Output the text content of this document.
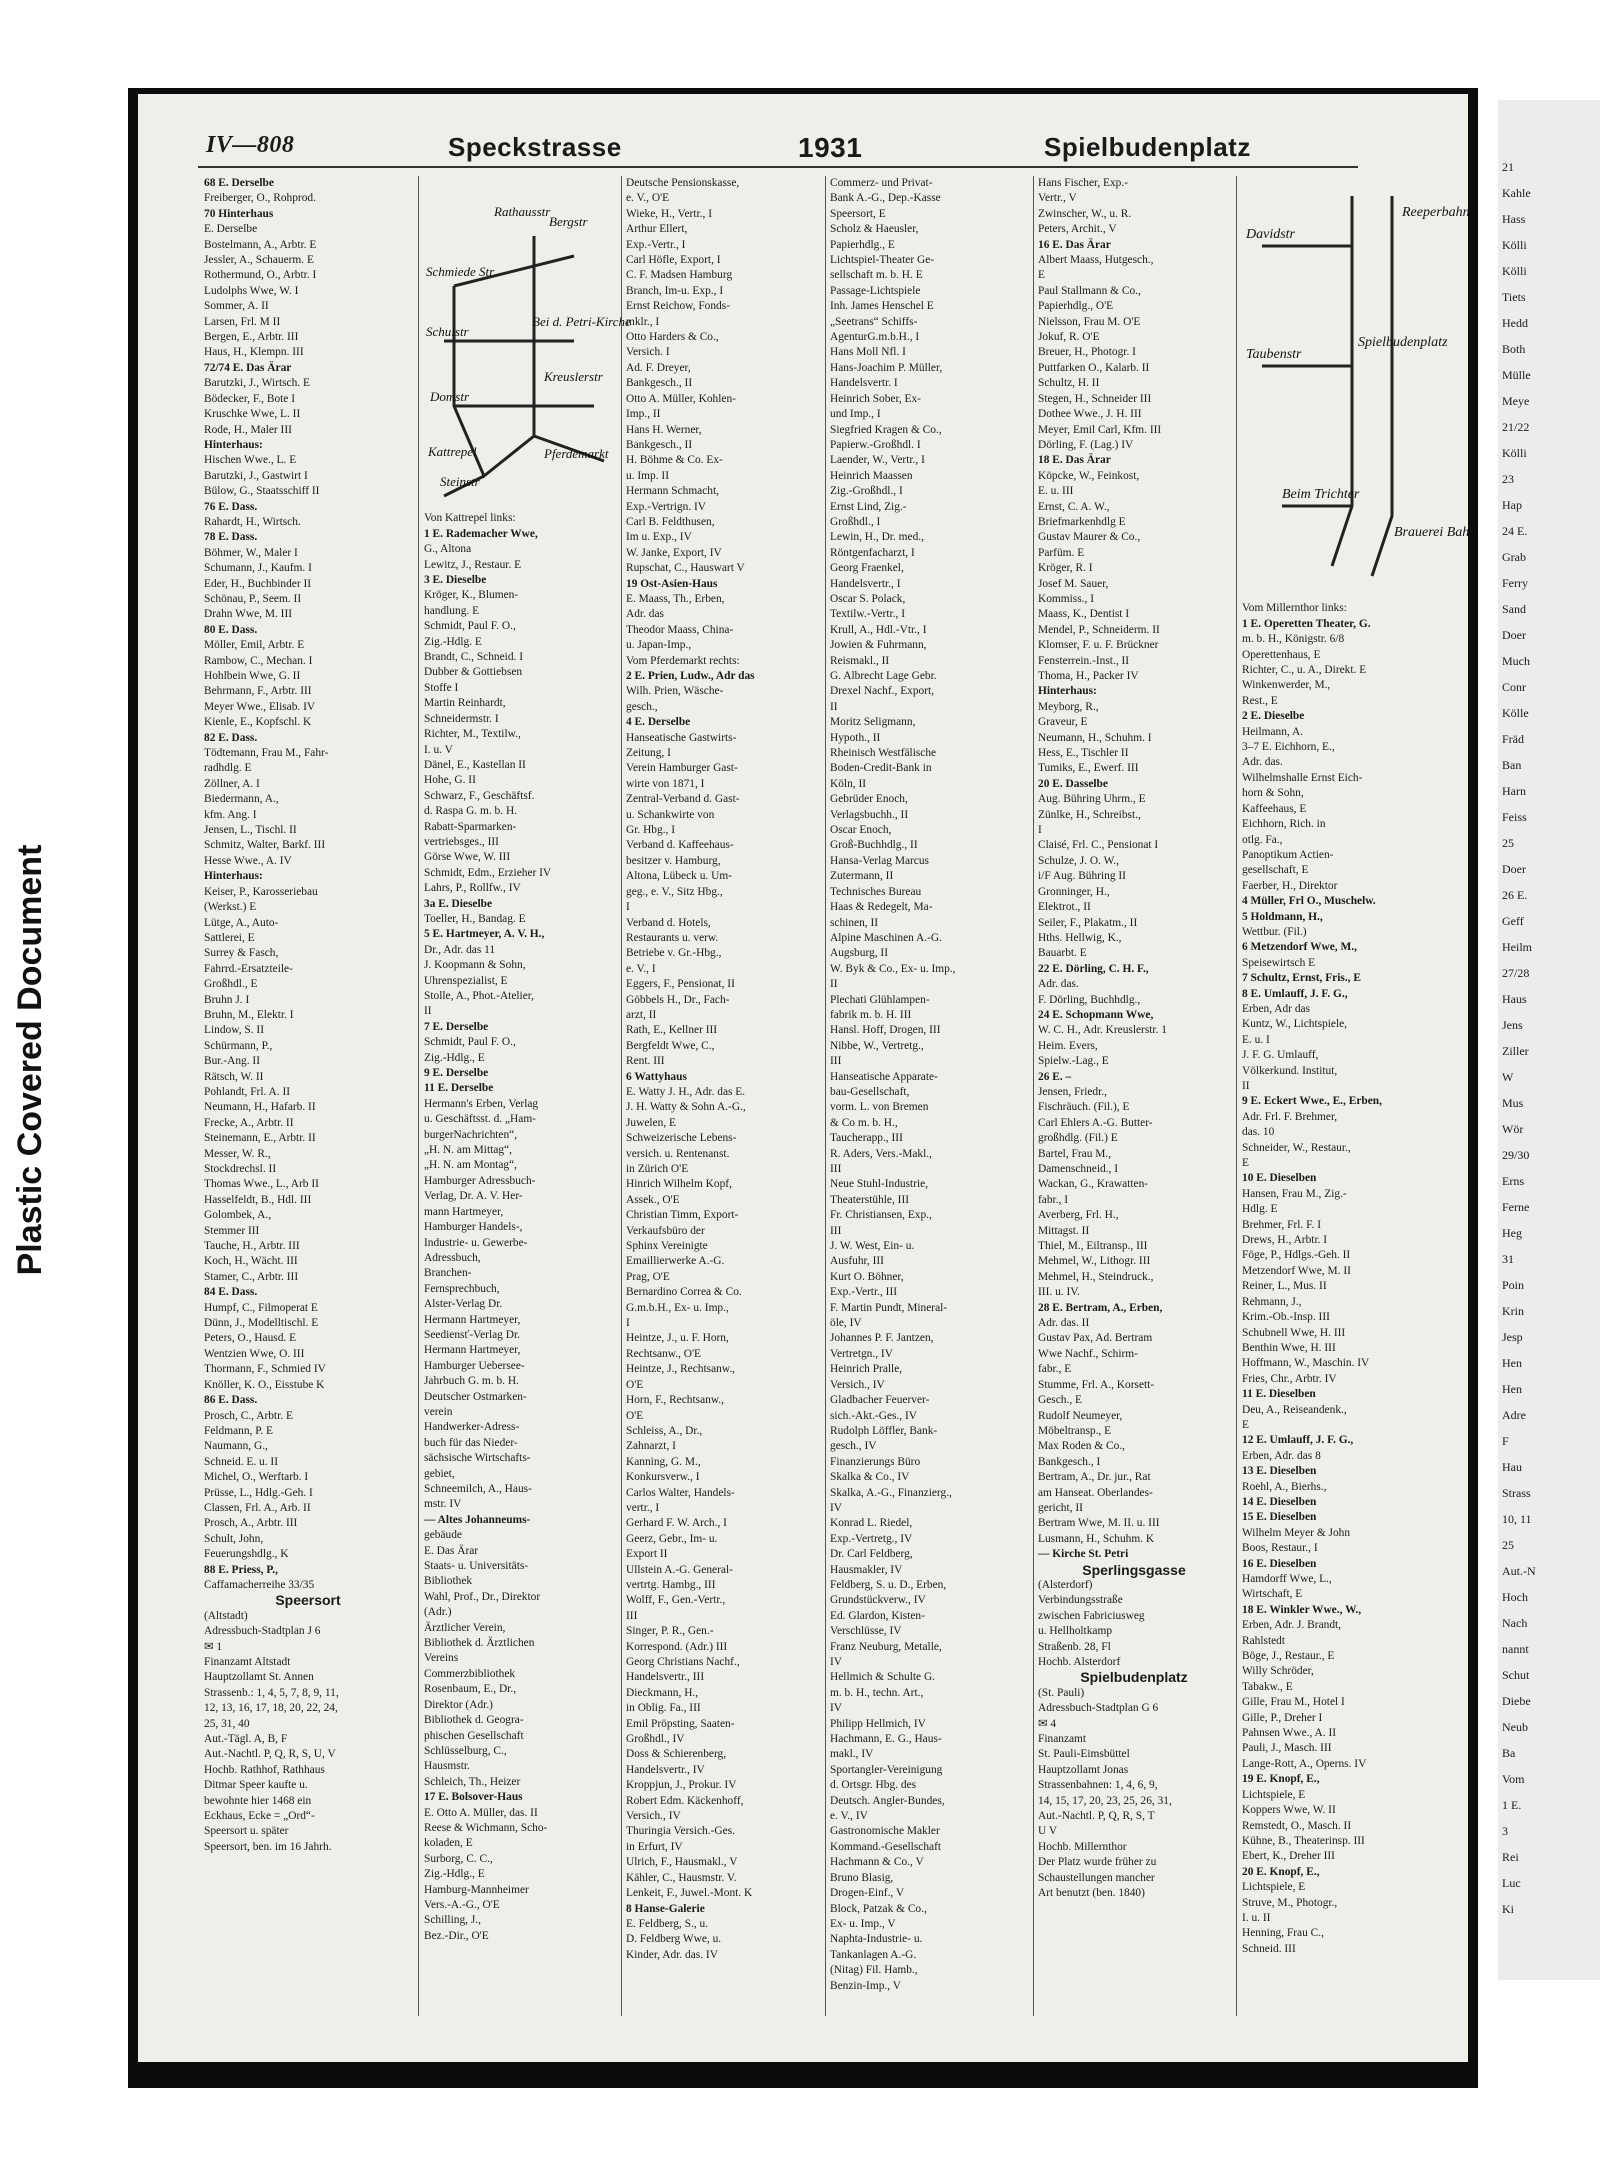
Plastic Covered Document
IV—808	Speckstrasse	1931	Spielbudenplatz
68 E. Derselbe
Freiberger, O., Rohprod.
70 Hinterhaus
E. Derselbe
Bostelmann, A., Arbtr. E
Jessler, A., Schauerm. E
Rothermund, O., Arbtr. I
Ludolphs Wwe, W. I
Sommer, A. II
Larsen, Frl. M II
Bergen, E., Arbtr. III
Haus, H., Klempn. III
72/74 E. Das Ärar
Barutzki, J., Wirtsch. E
Bödecker, F., Bote I
Kruschke Wwe, L. II
Rode, H., Maler III
Hinterhaus:
Hischen Wwe., L. E
Barutzki, J., Gastwirt I
Bülow, G., Staatsschiff II
76 E. Dass.
Rahardt, H., Wirtsch.
78 E. Dass.
Böhmer, W., Maler I
Schumann, J., Kaufm. I
Eder, H., Buchbinder II
Schönau, P., Seem. II
Drahn Wwe, M. III
80 E. Dass.
Möller, Emil, Arbtr. E
Rambow, C., Mechan. I
Hohlbein Wwe, G. II
Behrmann, F., Arbtr. III
Meyer Wwe., Elisab. IV
Kienle, E., Kopfschl. K
82 E. Dass.
Tödtemann, Frau M., Fahr-
radhdlg. E
Zöllner, A. I
Biedermann, A.,
kfm. Ang. I
Jensen, L., Tischl. II
Schmitz, Walter, Barkf. III
Hesse Wwe., A. IV
Hinterhaus:
Keiser, P., Karosseriebau
(Werkst.) E
Lütge, A., Auto-
Sattlerei, E
Surrey & Fasch,
Fahrrd.-Ersatzteile-
Großhdl., E
Bruhn J. I
Bruhn, M., Elektr. I
Lindow, S. II
Schürmann, P.,
Bur.-Ang. II
Rätsch, W. II
Pohlandt, Frl. A. II
Neumann, H., Hafarb. II
Frecke, A., Arbtr. II
Steinemann, E., Arbtr. II
Messer, W. R.,
Stockdrechsl. II
Thomas Wwe., L., Arb II
Hasselfeldt, B., Hdl. III
Golombek, A.,
Stemmer III
Tauche, H., Arbtr. III
Koch, H., Wächt. III
Stamer, C., Arbtr. III
84 E. Dass.
Humpf, C., Filmoperat E
Dünn, J., Modelltischl. E
Peters, O., Hausd. E
Wentzien Wwe, O. III
Thormann, F., Schmied IV
Knöller, K. O., Eisstube K
86 E. Dass.
Prosch, C., Arbtr. E
Feldmann, P. E
Naumann, G.,
Schneid. E. u. II
Michel, O., Werftarb. I
Prüsse, L., Hdlg.-Geh. I
Classen, Frl. A., Arb. II
Prosch, A., Arbtr. III
Schult, John,
Feuerungshdlg., K
88 E. Priess, P.,
Caffamacherreihe 33/35
Speersort
(Altstadt)
Adressbuch-Stadtplan J 6
✉ 1
Finanzamt Altstadt
Hauptzollamt St. Annen
Strassenb.: 1, 4, 5, 7, 8, 9, 11,
12, 13, 16, 17, 18, 20, 22, 24,
25, 31, 40
Aut.-Tägl. A, B, F
Aut.-Nachtl. P, Q, R, S, U, V
Hochb. Rathhof, Rathhaus
Ditmar Speer kaufte u.
bewohnte hier 1468 ein
Eckhaus, Ecke = „Ord“-
Speersort u. später
Speersort, ben. im 16 Jahrh.
Bergstr
Schmiede Str
Schulstr
Bei d. Petri-Kirche
Domstr
Kreuslerstr
Kattrepel
Steinstr
Pferdemarkt
Rathausstr
Von Kattrepel links:
1 E. Rademacher Wwe,
G., Altona
Lewitz, J., Restaur. E
3 E. Dieselbe
Kröger, K., Blumen-
handlung. E
Schmidt, Paul F. O.,
Zig.-Hdlg. E
Brandt, C., Schneid. I
Dubber & Gottiebsen
Stoffe I
Martin Reinhardt,
Schneidermstr. I
Richter, M., Textilw.,
I. u. V
Dänel, E., Kastellan II
Hohe, G. II
Schwarz, F., Geschäftsf.
d. Raspa G. m. b. H.
Rabatt-Sparmarken-
vertriebsges., III
Görse Wwe, W. III
Schmidt, Edm., Erzieher IV
Lahrs, P., Rollfw., IV
3a E. Dieselbe
Toeller, H., Bandag. E
5 E. Hartmeyer, A. V. H.,
Dr., Adr. das 11
J. Koopmann & Sohn,
Uhrenspezialist, E
Stolle, A., Phot.-Atelier,
II
7 E. Derselbe
Schmidt, Paul F. O.,
Zig.-Hdlg., E
9 E. Derselbe
11 E. Derselbe
Hermann's Erben, Verlag
u. Geschäftsst. d. „Ham-
burgerNachrichten“,
„H. N. am Mittag“,
„H. N. am Montag“,
Hamburger Adressbuch-
Verlag, Dr. A. V. Her-
mann Hartmeyer,
Hamburger Handels-,
Industrie- u. Gewerbe-
Adressbuch,
Branchen-
Fernsprechbuch,
Alster-Verlag Dr.
Hermann Hartmeyer,
Seediensť-Verlag Dr.
Hermann Hartmeyer,
Hamburger Uebersee-
Jahrbuch G. m. b. H.
Deutscher Ostmarken-
verein
Handwerker-Adress-
buch für das Nieder-
sächsische Wirtschafts-
gebiet,
Schneemilch, A., Haus-
mstr. IV
— Altes Johanneums-
gebäude
E. Das Ärar
Staats- u. Universitäts-
Bibliothek
Wahl, Prof., Dr., Direktor
(Adr.)
Ärztlicher Verein,
Bibliothek d. Ärztlichen
Vereins
Commerzbibliothek
Rosenbaum, E., Dr.,
Direktor (Adr.)
Bibliothek d. Geogra-
phischen Gesellschaft
Schlüsselburg, C.,
Hausmstr.
Schleich, Th., Heizer
17 E. Bolsover-Haus
E. Otto A. Müller, das. II
Reese & Wichmann, Scho-
koladen, E
Surborg, C. C.,
Zig.-Hdlg., E
Hamburg-Mannheimer
Vers.-A.-G., O'E
Schilling, J.,
Bez.-Dir., O'E
Deutsche Pensionskasse,
e. V., O'E
Wieke, H., Vertr., I
Arthur Ellert,
Exp.-Vertr., I
Carl Höfle, Export, I
C. F. Madsen Hamburg
Branch, Im-u. Exp., I
Ernst Reichow, Fonds-
mklr., I
Otto Harders & Co.,
Versich. I
Ad. F. Dreyer,
Bankgesch., II
Otto A. Müller, Kohlen-
Imp., II
Hans H. Werner,
Bankgesch., II
H. Böhme & Co. Ex-
u. Imp. II
Hermann Schmacht,
Exp.-Vertrign. IV
Carl B. Feldthusen,
Im u. Exp., IV
W. Janke, Export, IV
Rupschat, C., Hauswart V
19 Ost-Asien-Haus
E. Maass, Th., Erben,
Adr. das
Theodor Maass, China-
u. Japan-Imp.,
Vom Pferdemarkt rechts:
2 E. Prien, Ludw., Adr das
Wilh. Prien, Wäsche-
gesch.,
4 E. Derselbe
Hanseatische Gastwirts-
Zeitung, I
Verein Hamburger Gast-
wirte von 1871, I
Zentral-Verband d. Gast-
u. Schankwirte von
Gr. Hbg., I
Verband d. Kaffeehaus-
besitzer v. Hamburg,
Altona, Lübeck u. Um-
geg., e. V., Sitz Hbg.,
I
Verband d. Hotels,
Restaurants u. verw.
Betriebe v. Gr.-Hbg.,
e. V., I
Eggers, F., Pensionat, II
Göbbels H., Dr., Fach-
arzt, II
Rath, E., Kellner III
Bergfeldt Wwe, C.,
Rent. III
6 Wattyhaus
E. Watty J. H., Adr. das E.
J. H. Watty & Sohn A.-G.,
Juwelen, E
Schweizerische Lebens-
versich. u. Rentenanst.
in Zürich O'E
Hinrich Wilhelm Kopf,
Assek., O'E
Christian Timm, Export-
Verkaufsbüro der
Sphinx Vereinigte
Emaillierwerke A.-G.
Prag, O'E
Bernardino Correa & Co.
G.m.b.H., Ex- u. Imp.,
I
Heintze, J., u. F. Horn,
Rechtsanw., O'E
Heintze, J., Rechtsanw.,
O'E
Horn, F., Rechtsanw.,
O'E
Schleiss, A., Dr.,
Zahnarzt, I
Kanning, G. M.,
Konkursverw., I
Carlos Walter, Handels-
vertr., I
Gerhard F. W. Arch., I
Geerz, Gebr., Im- u.
Export II
Ullstein A.-G. General-
vertrtg. Hambg., III
Wolff, F., Gen.-Vertr.,
III
Singer, P. R., Gen.-
Korrespond. (Adr.) III
Georg Christians Nachf.,
Handelsvertr., III
Dieckmann, H.,
in Oblig. Fa., III
Emil Pröpsting, Saaten-
Großhdl., IV
Doss & Schierenberg,
Handelsvertr., IV
Kroppjun, J., Prokur. IV
Robert Edm. Käckenhoff,
Versich., IV
Thuringia Versich.-Ges.
in Erfurt, IV
Ulrich, F., Hausmakl., V
Kähler, C., Hausmstr. V.
Lenkeit, F., Juwel.-Mont. K
8 Hanse-Galerie
E. Feldberg, S., u.
D. Feldberg Wwe, u.
Kinder, Adr. das. IV
Commerz- und Privat-
Bank A.-G., Dep.-Kasse
Speersort, E
Scholz & Haeusler,
Papierhdlg., E
Lichtspiel-Theater Ge-
sellschaft m. b. H. E
Passage-Lichtspiele
Inh. James Henschel E
„Seetrans“ Schiffs-
AgenturG.m.b.H., I
Hans Moll Nfl. I
Hans-Joachim P. Müller,
Handelsvertr. I
Heinrich Sober, Ex-
und Imp., I
Siegfried Kragen & Co.,
Papierw.-Großhdl. I
Laender, W., Vertr., I
Heinrich Maassen
Zig.-Großhdl., I
Ernst Lind, Zig.-
Großhdl., I
Lewin, H., Dr. med.,
Röntgenfacharzt, I
Georg Fraenkel,
Handelsvertr., I
Oscar S. Polack,
Textilw.-Vertr., I
Krull, A., Hdl.-Vtr., I
Jowien & Fuhrmann,
Reismakl., II
G. Albrecht Lage Gebr.
Drexel Nachf., Export,
II
Moritz Seligmann,
Hypoth., II
Rheinisch Westfälische
Boden-Credit-Bank in
Köln, II
Gebrüder Enoch,
Verlagsbuchh., II
Oscar Enoch,
Groß-Buchhdlg., II
Hansa-Verlag Marcus
Zutermann, II
Technisches Bureau
Haas & Redegelt, Ma-
schinen, II
Alpine Maschinen A.-G.
Augsburg, II
W. Byk & Co., Ex- u. Imp.,
II
Plechati Glühlampen-
fabrik m. b. H. III
Hansl. Hoff, Drogen, III
Nibbe, W., Vertretg.,
III
Hanseatische Apparate-
bau-Gesellschaft,
vorm. L. von Bremen
& Co m. b. H.,
Taucherapp., III
R. Aders, Vers.-Makl.,
III
Neue Stuhl-Industrie,
Theaterstühle, III
Fr. Christiansen, Exp.,
III
J. W. West, Ein- u.
Ausfuhr, III
Kurt O. Böhner,
Exp.-Vertr., III
F. Martin Pundt, Mineral-
öle, IV
Johannes P. F. Jantzen,
Vertretgn., IV
Heinrich Pralle,
Versich., IV
Gladbacher Feuerver-
sich.-Akt.-Ges., IV
Rudolph Löffler, Bank-
gesch., IV
Finanzierungs Büro
Skalka & Co., IV
Skalka, A.-G., Finanzierg.,
IV
Konrad L. Riedel,
Exp.-Vertretg., IV
Dr. Carl Feldberg,
Hausmakler, IV
Feldberg, S. u. D., Erben,
Grundstückverw., IV
Ed. Glardon, Kisten-
Verschlüsse, IV
Franz Neuburg, Metalle,
IV
Hellmich & Schulte G.
m. b. H., techn. Art.,
IV
Philipp Hellmich, IV
Hachmann, E. G., Haus-
makl., IV
Sportangler-Vereinigung
d. Ortsgr. Hbg. des
Deutsch. Angler-Bundes,
e. V., IV
Gastronomische Makler
Kommand.-Gesellschaft
Hachmann & Co., V
Bruno Blasig,
Drogen-Einf., V
Block, Patzak & Co.,
Ex- u. Imp., V
Naphta-Industrie- u.
Tankanlagen A.-G.
(Nitag) Fil. Hamb.,
Benzin-Imp., V
Hans Fischer, Exp.-
Vertr., V
Zwinscher, W., u. R.
Peters, Archit., V
16 E. Das Ärar
Albert Maass, Hutgesch.,
E
Paul Stallmann & Co.,
Papierhdlg., O'E
Nielsson, Frau M. O'E
Jokuf, R. O'E
Breuer, H., Photogr. I
Puttfarken O., Kalarb. II
Schultz, H. II
Stegen, H., Schneider III
Dothee Wwe., J. H. III
Meyer, Emil Carl, Kfm. III
Dörling, F. (Lag.) IV
18 E. Das Ärar
Köpcke, W., Feinkost,
E. u. III
Ernst, C. A. W.,
Briefmarkenhdlg E
Gustav Maurer & Co.,
Parfüm. E
Kröger, R. I
Josef M. Sauer,
Kommiss., I
Maass, K., Dentist I
Mendel, P., Schneiderm. II
Klomser, F. u. F. Brückner
Fensterrein.-Inst., II
Thoma, H., Packer IV
Hinterhaus:
Meyborg, R.,
Graveur, E
Neumann, H., Schuhm. I
Hess, E., Tischler II
Tumiks, E., Ewerf. III
20 E. Dasselbe
Aug. Bühring Uhrm., E
Zünlke, H., Schreibst.,
I
Claisé, Frl. C., Pensionat I
Schulze, J. O. W.,
i/F Aug. Bühring II
Gronninger, H.,
Elektrot., II
Seiler, F., Plakatm., II
Hths. Hellwig, K.,
Bauarbt. E
22 E. Dörling, C. H. F.,
Adr. das.
F. Dörling, Buchhdlg.,
24 E. Schopmann Wwe,
W. C. H., Adr. Kreuslerstr. 1
Heim. Evers,
Spielw.-Lag., E
26 E. –
Jensen, Friedr.,
Fischräuch. (Fil.), E
Carl Ehlers A.-G. Butter-
großhdlg. (Fil.) E
Bartel, Frau M.,
Damenschneid., I
Wackan, G., Krawatten-
fabr., I
Averberg, Frl. H.,
Mittagst. II
Thiel, M., Eiltransp., III
Mehmel, W., Lithogr. III
Mehmel, H., Steindruck.,
III. u. IV.
28 E. Bertram, A., Erben,
Adr. das. II
Gustav Pax, Ad. Bertram
Wwe Nachf., Schirm-
fabr., E
Stumme, Frl. A., Korsett-
Gesch., E
Rudolf Neumeyer,
Möbeltransp., E
Max Roden & Co.,
Bankgesch., I
Bertram, A., Dr. jur., Rat
am Hanseat. Oberlandes-
gericht, II
Bertram Wwe, M. II. u. III
Lusmann, H., Schuhm. K
— Kirche St. Petri
Sperlingsgasse
(Alsterdorf)
Verbindungsstraße
zwischen Fabriciusweg
u. Hellholtkamp
Straßenb. 28, Fl
Hochb. Alsterdorf
Spielbudenplatz
(St. Pauli)
Adressbuch-Stadtplan G 6
✉ 4
Finanzamt
St. Pauli-Eimsbüttel
Hauptzollamt Jonas
Strassenbahnen: 1, 4, 6, 9,
14, 15, 17, 20, 23, 25, 26, 31,
Aut.-Nachtl. P, Q, R, S, T
U V
Hochb. Millernthor
Der Platz wurde früher zu
Schaustellungen mancher
Art benutzt (ben. 1840)
Davidstr
Reeperbahn
Taubenstr
Spielbudenplatz
Beim Trichter
Brauerei Bahn
Vom Millernthor links:
1 E. Operetten Theater, G.
m. b. H., Königstr. 6/8
Operettenhaus, E
Richter, C., u. A., Direkt. E
Winkenwerder, M.,
Rest., E
2 E. Dieselbe
Heilmann, A.
3–7 E. Eichhorn, E.,
Adr. das.
Wilhelmshalle Ernst Eich-
horn & Sohn,
Kaffeehaus, E
Eichhorn, Rich. in
otlg. Fa.,
Panoptikum Actien-
gesellschaft, E
Faerber, H., Direktor
4 Müller, Frl O., Muschelw.
5 Holdmann, H.,
Wettbur. (Fil.)
6 Metzendorf Wwe, M.,
Speisewirtsch E
7 Schultz, Ernst, Fris., E
8 E. Umlauff, J. F. G.,
Erben, Adr das
Kuntz, W., Lichtspiele,
E. u. I
J. F. G. Umlauff,
Völkerkund. Institut,
II
9 E. Eckert Wwe., E., Erben,
Adr. Frl. F. Brehmer,
das. 10
Schneider, W., Restaur.,
E
10 E. Dieselben
Hansen, Frau M., Zig.-
Hdlg. E
Brehmer, Frl. F. I
Drews, H., Arbtr. I
Föge, P., Hdlgs.-Geh. II
Metzendorf Wwe, M. II
Reiner, L., Mus. II
Rehmann, J.,
Krim.-Ob.-Insp. III
Schubnell Wwe, H. III
Benthin Wwe, H. III
Hoffmann, W., Maschin. IV
Fries, Chr., Arbtr. IV
11 E. Dieselben
Deu, A., Reiseandenk.,
E
12 E. Umlauff, J. F. G.,
Erben, Adr. das 8
13 E. Dieselben
Roehl, A., Bierhs.,
14 E. Dieselben
15 E. Dieselben
Wilhelm Meyer & John
Boos, Restaur., I
16 E. Dieselben
Hamdorff Wwe, L.,
Wirtschaft, E
18 E. Winkler Wwe., W.,
Erben, Adr. J. Brandt,
Rahlstedt
Böge, J., Restaur., E
Willy Schröder,
Tabakw., E
Gille, Frau M., Hotel I
Gille, P., Dreher I
Pahnsen Wwe., A. II
Pauli, J., Masch. III
Lange-Rott, A., Operns. IV
19 E. Knopf, E.,
Lichtspiele, E
Koppers Wwe, W. II
Remstedt, O., Masch. II
Kühne, B., Theaterinsp. III
Ebert, K., Dreher III
20 E. Knopf, E.,
Lichtspiele, E
Struve, M., Photogr.,
I. u. II
Henning, Frau C.,
Schneid. III
21
Kahle
Hass
Kölli
Kölli
Tiets
Hedd
Both
Mülle
Meye
21/22
Kölli
23
Hap
24 E.
Grab
Ferry
Sand
Doer
Much
Conr
Kölle
Fräd
Ban
Harn
Feiss
25
Doer
26 E.
Geff
Heilm
27/28
Haus
Jens
Ziller
W
Mus
Wör
29/30
Erns
Ferne
Heg
31
Poin
Krin
Jesp
Hen
Hen
Adre
F
Hau
Strass
10, 11
25
Aut.-N
Hoch
Nach
nannt
Schut
Diebe
Neub
Ba
Vom
1 E.
3
Rei
Luc
Ki
